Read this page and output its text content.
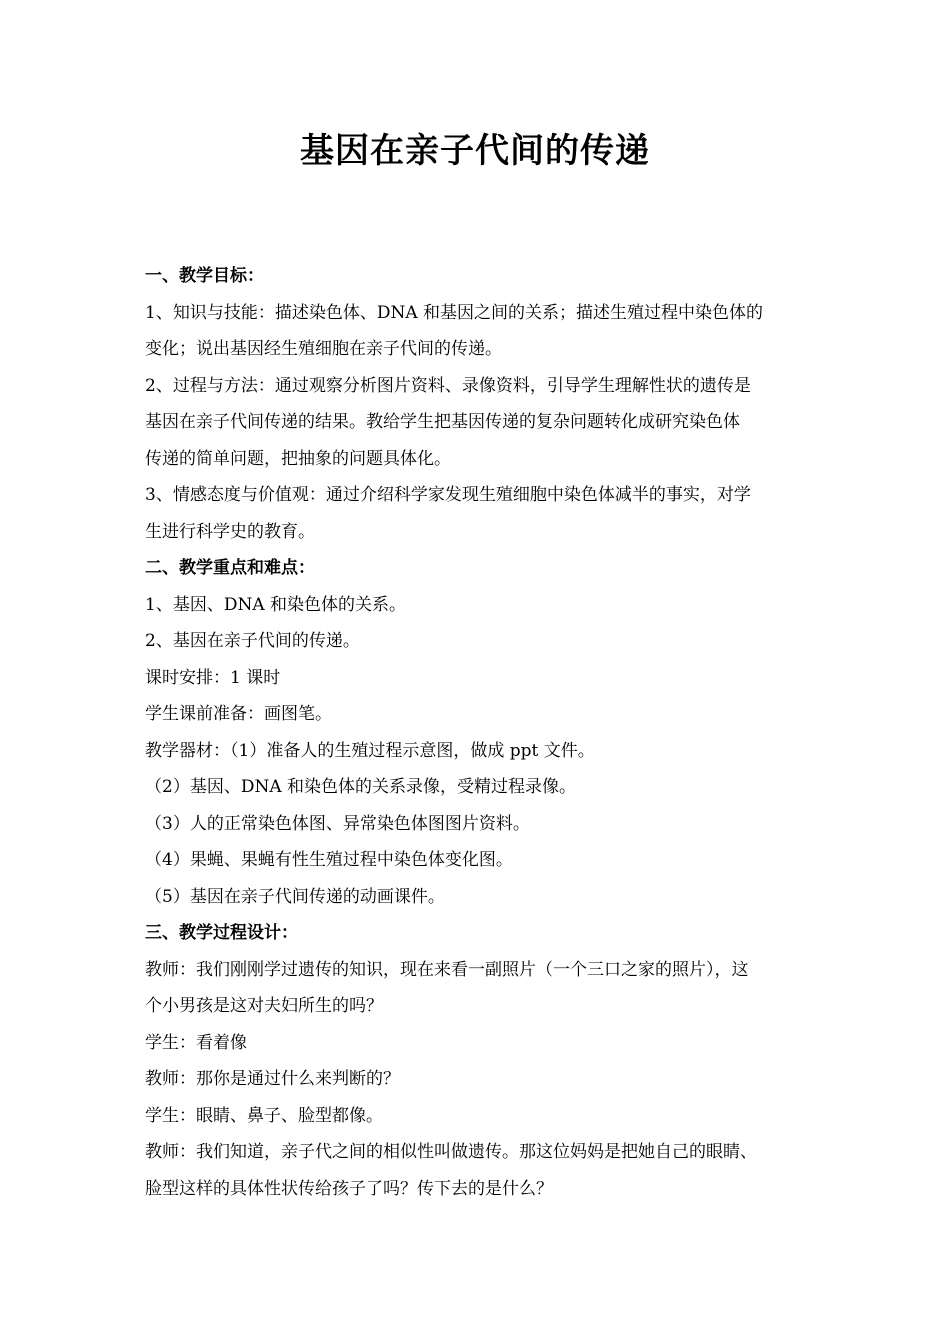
基因在亲子代间的传递
一、教学目标：
1、知识与技能：描述染色体、DNA 和基因之间的关系；描述生殖过程中染色体的
变化；说出基因经生殖细胞在亲子代间的传递。
2、过程与方法：通过观察分析图片资料、录像资料，引导学生理解性状的遗传是
基因在亲子代间传递的结果。教给学生把基因传递的复杂问题转化成研究染色体
传递的简单问题，把抽象的问题具体化。
3、情感态度与价值观：通过介绍科学家发现生殖细胞中染色体减半的事实，对学
生进行科学史的教育。
二、教学重点和难点：
1、基因、DNA 和染色体的关系。
2、基因在亲子代间的传递。
课时安排：1 课时
学生课前准备：画图笔。
教学器材：（1）准备人的生殖过程示意图，做成 ppt 文件。
（2）基因、DNA 和染色体的关系录像，受精过程录像。
（3）人的正常染色体图、异常染色体图图片资料。
（4）果蝇、果蝇有性生殖过程中染色体变化图。
（5）基因在亲子代间传递的动画课件。
三、教学过程设计：
教师：我们刚刚学过遗传的知识，现在来看一副照片（一个三口之家的照片），这
个小男孩是这对夫妇所生的吗？
学生：看着像
教师：那你是通过什么来判断的？
学生：眼睛、鼻子、脸型都像。
教师：我们知道，亲子代之间的相似性叫做遗传。那这位妈妈是把她自己的眼睛、
脸型这样的具体性状传给孩子了吗？传下去的是什么？
